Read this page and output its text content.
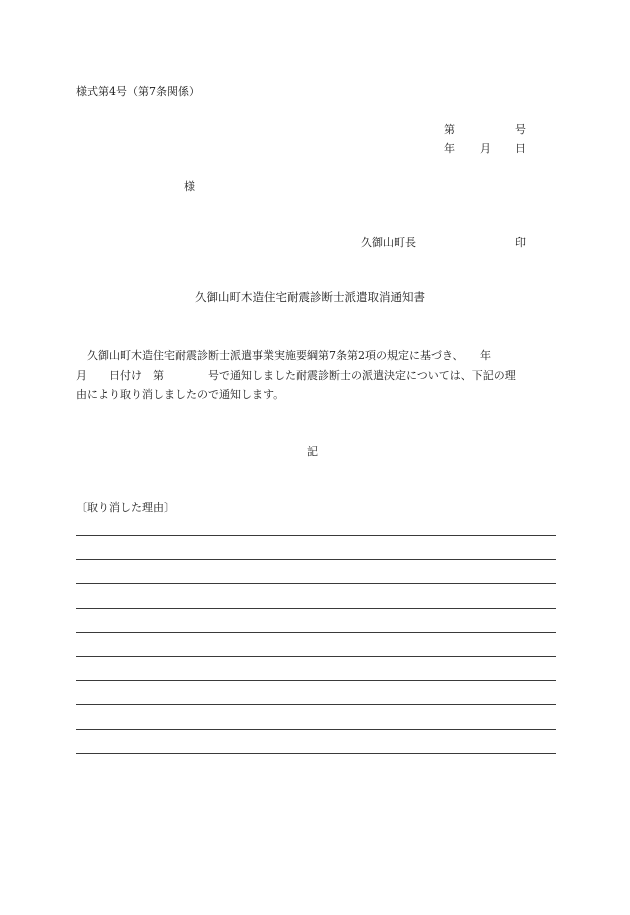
様式第4号（第7条関係）
第	号
年 月 日
様
久御山町長	印
久御山町木造住宅耐震診断士派遣取消通知書
　久御山町木造住宅耐震診断士派遣事業実施要綱第7条第2項の規定に基づき、　　年
月　　日付け　第　　　　号で通知しました耐震診断士の派遣決定については、下記の理
由により取り消しましたので通知します。
記
〔取り消した理由〕
